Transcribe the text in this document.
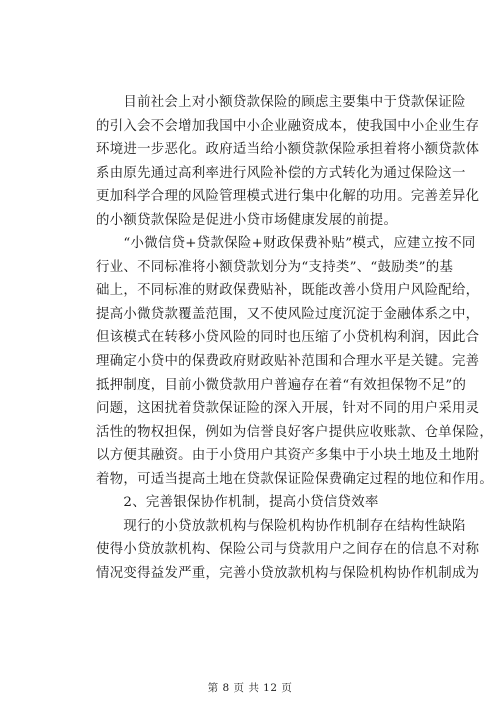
　　目前社会上对小额贷款保险的顾虑主要集中于贷款保证险
的引入会不会增加我国中小企业融资成本，使我国中小企业生存
环境进一步恶化。政府适当给小额贷款保险承担着将小额贷款体
系由原先通过高利率进行风险补偿的方式转化为通过保险这一
更加科学合理的风险管理模式进行集中化解的功用。完善差异化
的小额贷款保险是促进小贷市场健康发展的前提。

　　“小微信贷+贷款保险+财政保费补贴”模式，应建立按不同
行业、不同标准将小额贷款划分为“支持类”、“鼓励类”的基
础上，不同标准的财政保费贴补，既能改善小贷用户风险配给，
提高小微贷款覆盖范围，又不使风险过度沉淀于金融体系之中，
但该模式在转移小贷风险的同时也压缩了小贷机构利润，因此合
理确定小贷中的保费政府财政贴补范围和合理水平是关键。完善
抵押制度，目前小微贷款用户普遍存在着“有效担保物不足”的
问题，这困扰着贷款保证险的深入开展，针对不同的用户采用灵
活性的物权担保，例如为信誉良好客户提供应收账款、仓单保险，
以方便其融资。由于小贷用户其资产多集中于小块土地及土地附
着物，可适当提高土地在贷款保证险保费确定过程的地位和作用。

　　2、完善银保协作机制，提高小贷信贷效率

　　现行的小贷放款机构与保险机构协作机制存在结构性缺陷
使得小贷放款机构、保险公司与贷款用户之间存在的信息不对称
情况变得益发严重，完善小贷放款机构与保险机构协作机制成为

第 8 页 共 12 页
